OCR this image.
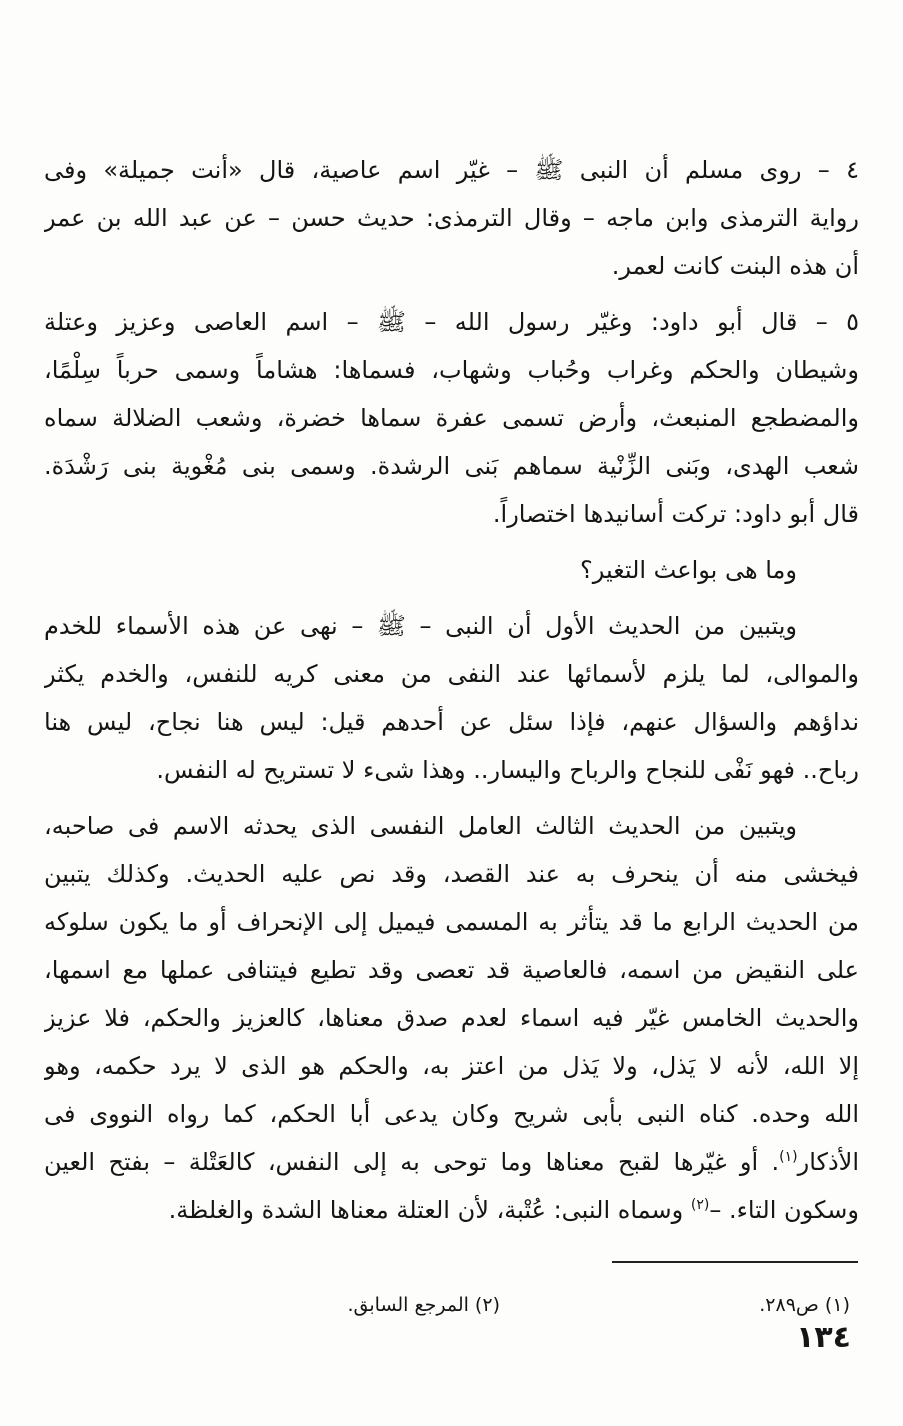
٤ – روى مسلم أن النبى ﷺ – غيّر اسم عاصية، قال «أنت جميلة» وفى
رواية الترمذى وابن ماجه – وقال الترمذى: حديث حسن – عن عبد الله بن عمر
أن هذه البنت كانت لعمر.
٥ – قال أبو داود: وغيّر رسول الله – ﷺ – اسم العاصى وعزيز وعتلة
وشيطان والحكم وغراب وحُباب وشهاب، فسماها: هشاماً وسمى حرباً سِلْمًا،
والمضطجع المنبعث، وأرض تسمى عفرة سماها خضرة، وشعب الضلالة سماه
شعب الهدى، وبَنى الزِّنْية سماهم بَنى الرشدة. وسمى بنى مُغْوية بنى رَشْدَة.
قال أبو داود: تركت أسانيدها اختصاراً.
وما هى بواعث التغير؟
ويتبين من الحديث الأول أن النبى – ﷺ – نهى عن هذه الأسماء للخدم
والموالى، لما يلزم لأسمائها عند النفى من معنى كريه للنفس، والخدم يكثر
نداؤهم والسؤال عنهم، فإذا سئل عن أحدهم قيل: ليس هنا نجاح، ليس هنا
رباح.. فهو نَفْى للنجاح والرباح واليسار.. وهذا شىء لا تستريح له النفس.
ويتبين من الحديث الثالث العامل النفسى الذى يحدثه الاسم فى صاحبه،
فيخشى منه أن ينحرف به عند القصد، وقد نص عليه الحديث. وكذلك يتبين
من الحديث الرابع ما قد يتأثر به المسمى فيميل إلى الإنحراف أو ما يكون سلوكه
على النقيض من اسمه، فالعاصية قد تعصى وقد تطيع فيتنافى عملها مع اسمها،
والحديث الخامس غيّر فيه اسماء لعدم صدق معناها، كالعزيز والحكم، فلا عزيز
إلا الله، لأنه لا يَذل، ولا يَذل من اعتز به، والحكم هو الذى لا يرد حكمه، وهو
الله وحده. كناه النبى بأبى شريح وكان يدعى أبا الحكم، كما رواه النووى فى
الأذكار$^{(١)}$. أو غيّرها لقبح معناها وما توحى به إلى النفس، كالعَتْلة – بفتح العين
وسكون التاء. –$^{(٢)}$ وسماه النبى: عُتْبة، لأن العتلة معناها الشدة والغلظة.
(١) ص٢٨٩.
(٢) المرجع السابق.
١٣٤
